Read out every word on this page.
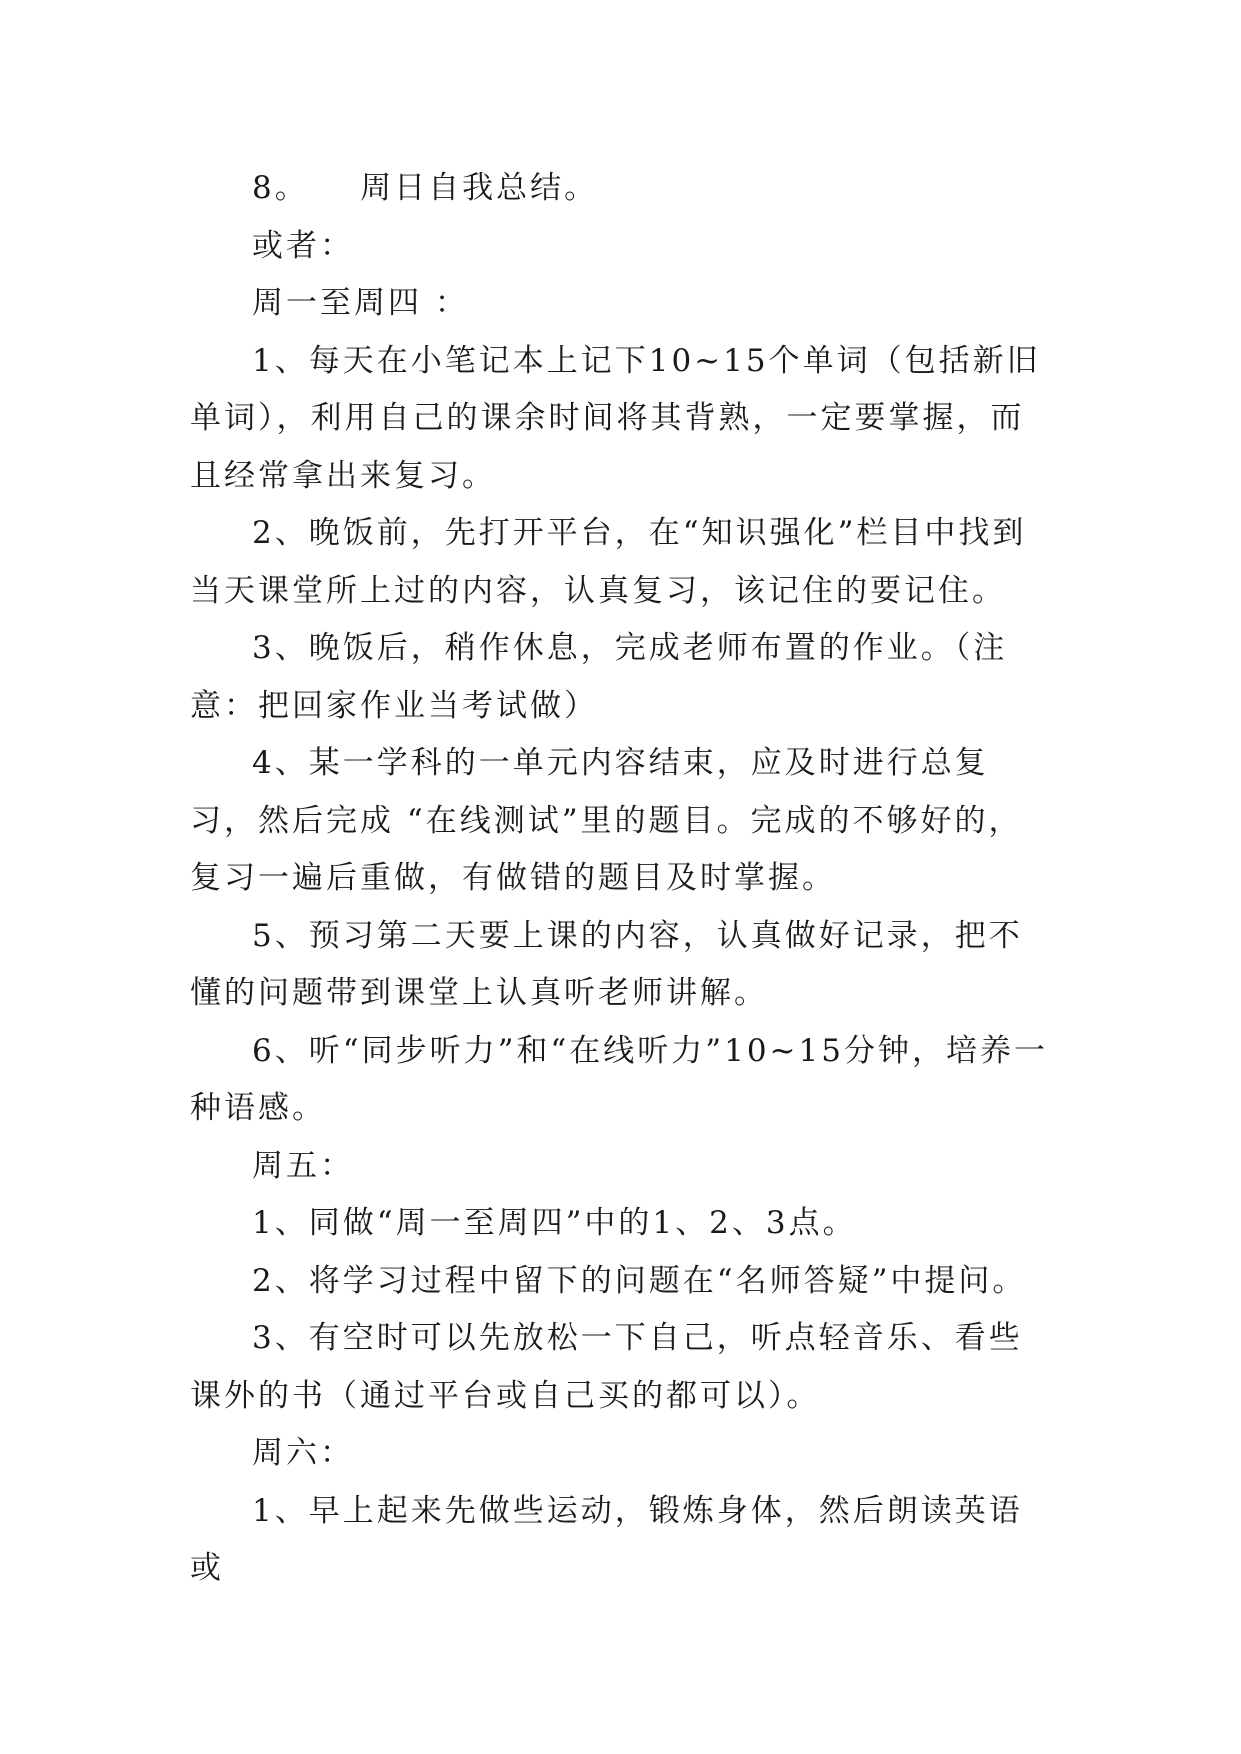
8。    周日自我总结。

或者：

周一至周四 ：

1、每天在小笔记本上记下10~15个单词（包括新旧单词），利用自己的课余时间将其背熟，一定要掌握，而且经常拿出来复习。

2、晚饭前，先打开平台，在“知识强化”栏目中找到当天课堂所上过的内容，认真复习，该记住的要记住。

3、晚饭后，稍作休息，完成老师布置的作业。（注意：把回家作业当考试做）

4、某一学科的一单元内容结束，应及时进行总复习，然后完成 “在线测试”里的题目。完成的不够好的，复习一遍后重做，有做错的题目及时掌握。

5、预习第二天要上课的内容，认真做好记录，把不懂的问题带到课堂上认真听老师讲解。

6、听“同步听力”和“在线听力”10~15分钟，培养一种语感。

周五：

1、同做“周一至周四”中的1、2、3点。

2、将学习过程中留下的问题在“名师答疑”中提问。

3、有空时可以先放松一下自己，听点轻音乐、看些课外的书（通过平台或自己买的都可以）。

周六：

1、早上起来先做些运动，锻炼身体，然后朗读英语或
